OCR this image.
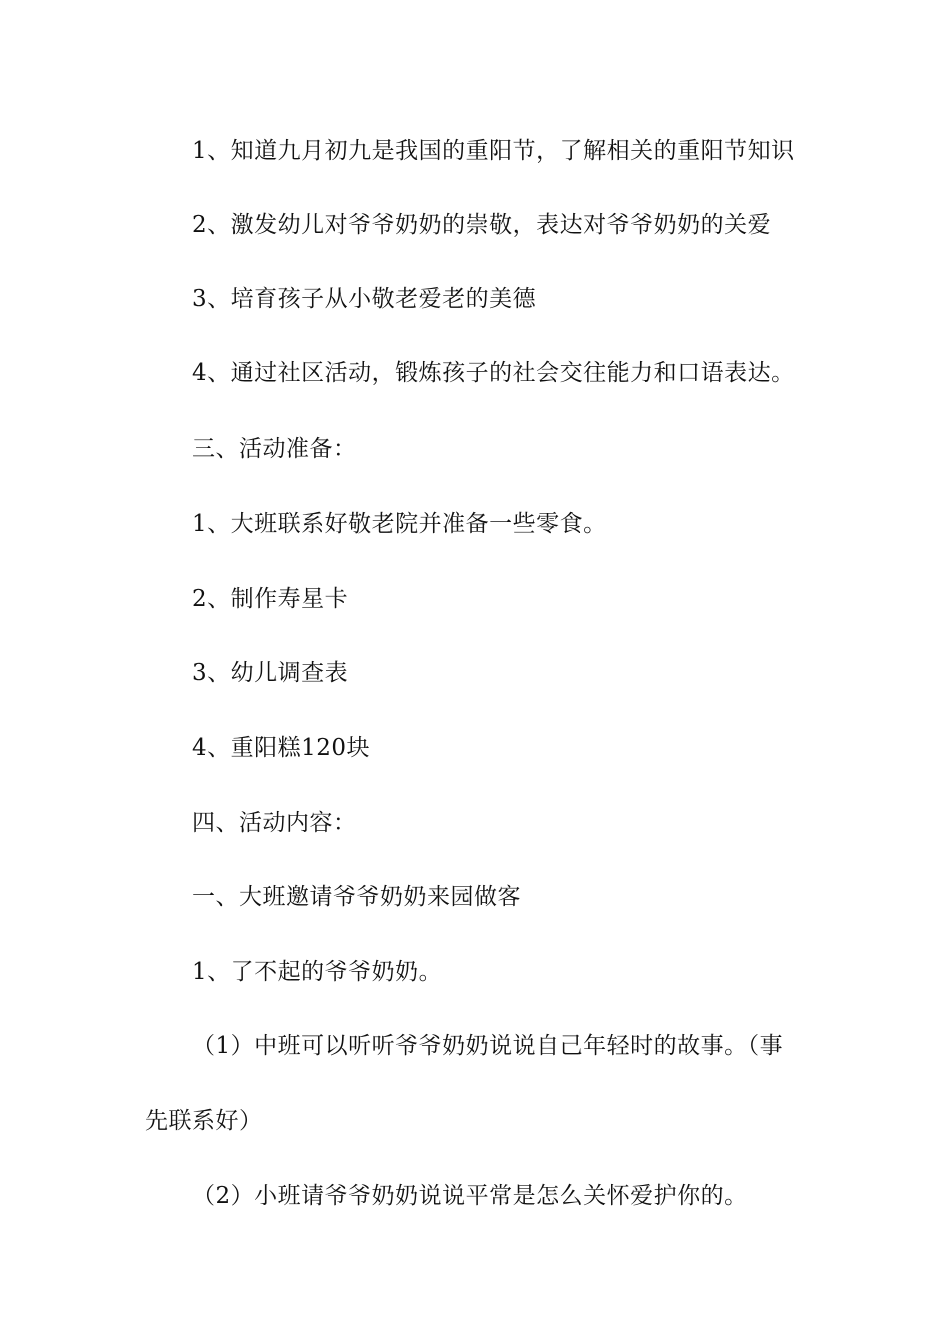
1、知道九月初九是我国的重阳节，了解相关的重阳节知识
2、激发幼儿对爷爷奶奶的崇敬，表达对爷爷奶奶的关爱
3、培育孩子从小敬老爱老的美德
4、通过社区活动，锻炼孩子的社会交往能力和口语表达。
三、活动准备：
1、大班联系好敬老院并准备一些零食。
2、制作寿星卡
3、幼儿调查表
4、重阳糕120块
四、活动内容：
一、大班邀请爷爷奶奶来园做客
1、了不起的爷爷奶奶。
（1）中班可以听听爷爷奶奶说说自己年轻时的故事。（事
先联系好）
（2）小班请爷爷奶奶说说平常是怎么关怀爱护你的。
